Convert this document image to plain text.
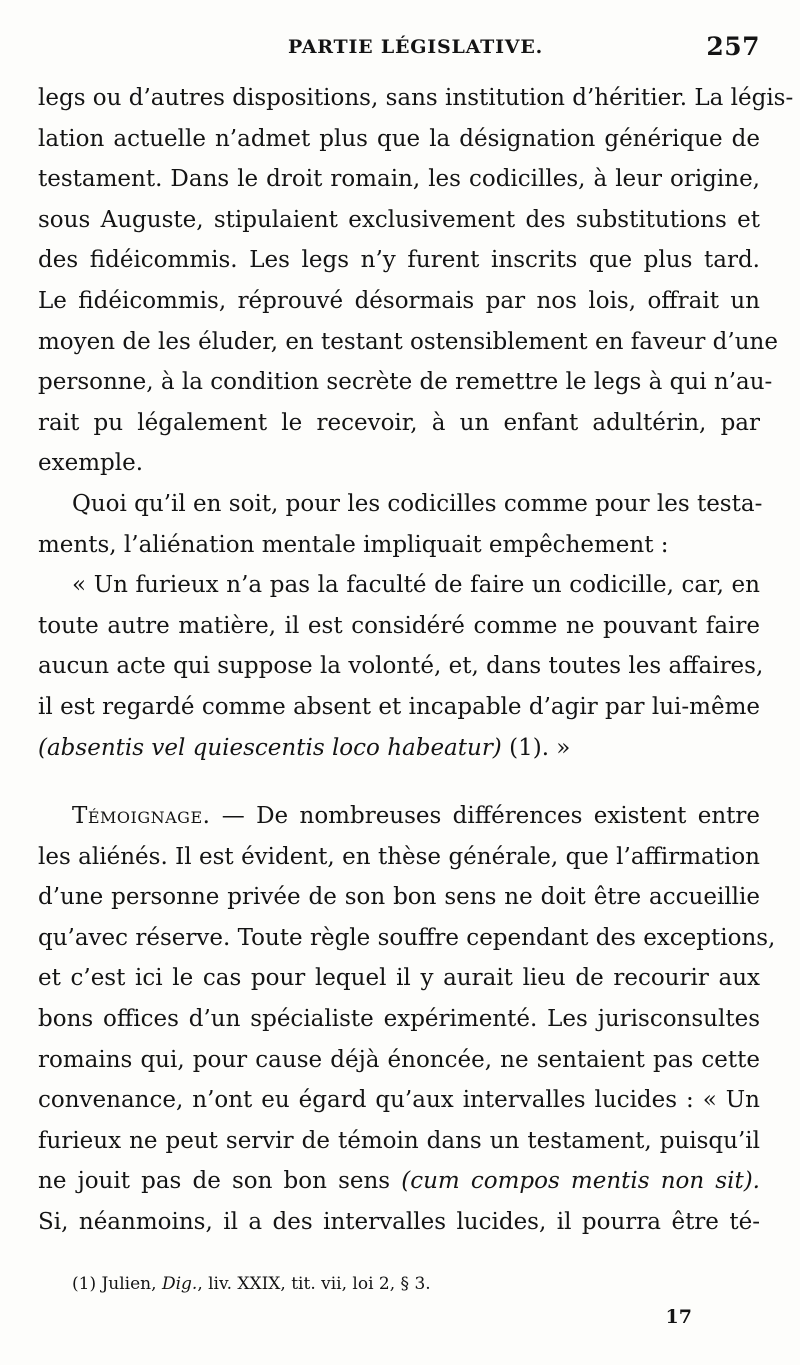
PARTIE LÉGISLATIVE.	257
legs ou d’autres dispositions, sans institution d’héritier. La légis-
lation actuelle n’admet plus que la désignation générique de
testament. Dans le droit romain, les codicilles, à leur origine,
sous Auguste, stipulaient exclusivement des substitutions et
des fidéicommis. Les legs n’y furent inscrits que plus tard.
Le fidéicommis, réprouvé désormais par nos lois, offrait un
moyen de les éluder, en testant ostensiblement en faveur d’une
personne, à la condition secrète de remettre le legs à qui n’au-
rait pu légalement le recevoir, à un enfant adultérin, par
exemple.
Quoi qu’il en soit, pour les codicilles comme pour les testa-
ments, l’aliénation mentale impliquait empêchement :
« Un furieux n’a pas la faculté de faire un codicille, car, en
toute autre matière, il est considéré comme ne pouvant faire
aucun acte qui suppose la volonté, et, dans toutes les affaires,
il est regardé comme absent et incapable d’agir par lui-même
(absentis vel quiescentis loco habeatur) (1). »
Témoignage. — De nombreuses différences existent entre
les aliénés. Il est évident, en thèse générale, que l’affirmation
d’une personne privée de son bon sens ne doit être accueillie
qu’avec réserve. Toute règle souffre cependant des exceptions,
et c’est ici le cas pour lequel il y aurait lieu de recourir aux
bons offices d’un spécialiste expérimenté. Les jurisconsultes
romains qui, pour cause déjà énoncée, ne sentaient pas cette
convenance, n’ont eu égard qu’aux intervalles lucides : « Un
furieux ne peut servir de témoin dans un testament, puisqu’il
ne jouit pas de son bon sens (cum compos mentis non sit).
Si, néanmoins, il a des intervalles lucides, il pourra être té-
(1) Julien, Dig., liv. XXIX, tit. vii, loi 2, § 3.
17
